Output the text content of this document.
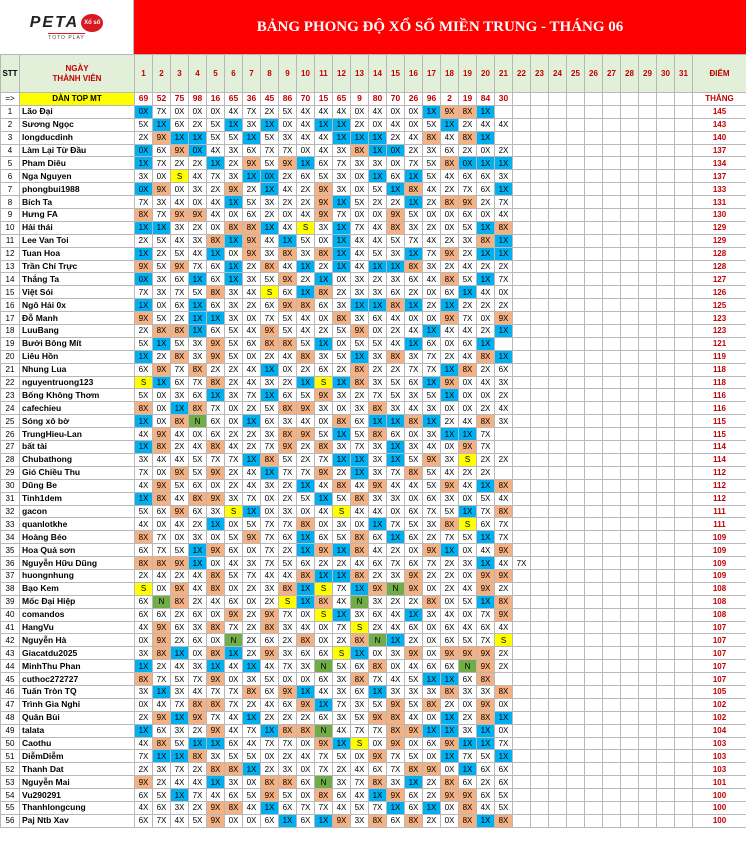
PETA Xổ số
TOTO PLAY
BẢNG PHONG ĐỘ XỔ SỐ MIỀN TRUNG - THÁNG 06
STT	NGÀY
THÀNH VIÊN	1	2	3	4	5	6	7	8	9	10	11	12	13	14	15	16	17	18	19	20	21	22	23	24	25	26	27	28	29	30	31	ĐIỂM
=>	DÀN TOP MT	69	52	75	98	16	65	36	45	86	70	15	65	9	80	70	26	96	2	19	84	30											THẮNG
1	Lão Đại	0X	7X	0X	0X	0X	4X	7X	2X	5X	4X	4X	4X	0X	4X	0X	0X	1X	9X	8X	1X												145
2	Sương Ngọc	5X	1X	6X	2X	5X	1X	3X	1X	0X	4X	1X	1X	2X	0X	4X	0X	5X	1X	2X	4X	4X											143
3	longducdinh	2X	9X	1X	1X	5X	5X	1X	5X	3X	4X	4X	1X	1X	1X	2X	4X	8X	4X	8X	1X												140
4	Làm Lại Từ Đầu	0X	6X	9X	0X	4X	3X	6X	7X	7X	0X	4X	3X	8X	1X	0X	2X	3X	6X	2X	0X	2X											137
5	Pham Diêu	1X	7X	2X	2X	1X	2X	9X	5X	9X	1X	6X	7X	3X	3X	0X	7X	5X	8X	0X	1X	1X											134
6	Nga Nguyen	3X	0X	S	4X	7X	3X	1X	0X	2X	6X	5X	3X	0X	1X	6X	1X	5X	4X	6X	6X	3X											137
7	phongbui1988	0X	9X	0X	3X	2X	9X	2X	1X	4X	2X	9X	3X	0X	5X	1X	8X	4X	2X	7X	6X	1X											133
8	Bích Ta	7X	3X	4X	0X	4X	1X	5X	3X	2X	2X	9X	1X	5X	2X	2X	1X	2X	8X	9X	2X	7X											131
9	Hưng FA	8X	7X	9X	9X	4X	0X	6X	2X	0X	4X	9X	7X	0X	0X	9X	5X	0X	0X	6X	0X	4X											130
10	Hải thái	1X	1X	3X	2X	0X	8X	8X	1X	4X	S	3X	1X	7X	4X	8X	3X	2X	0X	5X	1X	8X											129
11	Lee Van Toi	2X	5X	4X	3X	8X	1X	9X	4X	1X	5X	0X	1X	4X	4X	5X	7X	4X	2X	3X	8X	1X											129
12	Tuan Hoa	1X	2X	5X	4X	1X	0X	9X	3X	8X	3X	8X	1X	4X	5X	3X	1X	7X	9X	2X	1X	1X											128
13	Trần Chí Trực	9X	5X	9X	7X	6X	1X	2X	8X	4X	1X	2X	1X	4X	1X	1X	8X	3X	2X	4X	2X	2X											128
14	Thắng Ta	0X	3X	6X	1X	6X	1X	3X	5X	9X	2X	1X	0X	3X	2X	3X	6X	4X	8X	5X	1X	7X											127
15	Việt Sói	7X	3X	7X	5X	8X	3X	4X	S	6X	1X	8X	2X	3X	3X	6X	2X	0X	6X	1X	4X	0X											126
16	Ngô Hải 0x	1X	0X	6X	1X	6X	3X	2X	6X	9X	8X	6X	3X	1X	1X	8X	1X	2X	1X	2X	2X	2X											125
17	Đỗ Manh	9X	5X	2X	1X	1X	3X	0X	7X	5X	4X	0X	8X	3X	6X	4X	0X	0X	9X	7X	0X	9X											123
18	LuuBang	2X	8X	8X	1X	6X	5X	4X	9X	5X	4X	2X	5X	9X	0X	2X	4X	1X	4X	4X	2X	1X											123
19	Bưởi Bông Mít	5X	1X	5X	3X	9X	5X	6X	8X	8X	5X	1X	0X	5X	5X	4X	1X	6X	0X	6X	1X												121
20	Liêu Hồn	1X	2X	8X	3X	9X	5X	0X	2X	4X	8X	3X	5X	1X	3X	8X	3X	7X	2X	4X	8X	1X											119
21	Nhung Lua	6X	9X	7X	8X	2X	2X	4X	1X	0X	2X	6X	2X	8X	2X	2X	7X	7X	1X	8X	2X	6X											118
22	nguyentruong123	S	1X	6X	7X	8X	2X	4X	3X	2X	1X	S	1X	8X	3X	5X	6X	1X	9X	0X	4X	3X											118
23	Bống Không Thơm	5X	0X	3X	6X	1X	3X	7X	1X	6X	5X	9X	3X	2X	7X	5X	3X	5X	1X	0X	0X	2X											116
24	cafechieu	8X	0X	1X	8X	7X	0X	2X	5X	8X	9X	3X	0X	3X	8X	3X	4X	3X	0X	0X	2X	4X											116
25	Sóng xô bờ	1X	0X	8X	N	6X	0X	1X	6X	3X	4X	0X	8X	6X	1X	1X	8X	1X	2X	4X	8X	3X											115
26	TrungHieu-Lan	4X	9X	4X	0X	6X	2X	2X	3X	8X	9X	5X	1X	5X	8X	6X	0X	3X	1X	1X	7X												115
27	bất tài	1X	8X	2X	4X	8X	4X	2X	7X	9X	2X	8X	3X	7X	3X	1X	3X	4X	0X	9X	7X												114
28	Chubathong	3X	4X	4X	5X	7X	7X	1X	8X	5X	2X	7X	1X	1X	3X	1X	5X	9X	3X	S	2X	2X											114
29	Gió Chiều Thu	7X	0X	9X	5X	9X	2X	4X	1X	7X	7X	9X	2X	1X	3X	7X	8X	5X	4X	2X	2X												112
30	Dũng Be	4X	9X	5X	6X	0X	2X	4X	3X	2X	1X	4X	8X	4X	9X	4X	4X	5X	9X	4X	1X	8X											112
31	Tinh1dem	1X	8X	4X	8X	9X	3X	7X	0X	2X	5X	1X	5X	8X	3X	3X	0X	6X	3X	0X	5X	4X											112
32	gacon	5X	6X	9X	6X	3X	S	1X	0X	3X	0X	4X	S	4X	4X	0X	6X	7X	5X	1X	7X	8X											111
33	quanlotkhe	4X	0X	4X	2X	1X	0X	5X	7X	7X	8X	0X	3X	0X	1X	7X	5X	3X	8X	S	6X	7X											111
34	Hoàng Béo	8X	7X	0X	3X	0X	5X	9X	7X	6X	1X	6X	5X	8X	6X	1X	6X	2X	7X	5X	1X	7X											109
35	Hoa Quả sơn	6X	7X	5X	1X	9X	6X	0X	7X	2X	1X	9X	1X	8X	4X	2X	0X	9X	1X	0X	4X	9X											109
36	Nguyễn Hữu Dũng	8X	8X	9X	1X	0X	4X	3X	7X	5X	6X	2X	2X	4X	6X	7X	6X	7X	2X	3X	1X	4X	7X										109
37	huongnhung	2X	4X	2X	4X	8X	5X	7X	4X	4X	8X	1X	1X	8X	2X	3X	9X	2X	2X	0X	9X	9X											109
38	Bạo Kem	S	0X	9X	4X	8X	0X	2X	3X	8X	1X	S	7X	1X	9X	N	9X	0X	2X	4X	9X	2X											108
39	Mốc Đại Hiệp	6X	N	8X	2X	4X	6X	0X	2X	S	1X	8X	4X	N	3X	2X	2X	8X	0X	5X	1X	8X											108
40	comandos	6X	6X	2X	6X	0X	9X	2X	9X	7X	0X	S	1X	3X	6X	4X	1X	3X	4X	0X	7X	9X											108
41	HangVu	4X	9X	6X	3X	8X	7X	2X	8X	3X	4X	0X	7X	S	2X	4X	6X	0X	6X	4X	6X	4X											107
42	Nguyễn Hà	0X	9X	2X	6X	0X	N	2X	6X	2X	8X	0X	2X	8X	N	1X	2X	0X	6X	5X	7X	S											107
43	Giacatdu2025	3X	8X	1X	0X	8X	1X	2X	9X	3X	6X	6X	S	1X	0X	3X	9X	0X	9X	9X	9X	2X											107
44	MinhThu Phan	1X	2X	4X	3X	1X	4X	1X	4X	7X	3X	N	5X	6X	8X	0X	4X	6X	6X	N	9X	2X											107
45	cuthoc272727	8X	7X	5X	7X	9X	0X	3X	5X	0X	0X	6X	3X	8X	7X	4X	5X	1X	1X	6X	8X												107
46	Tuấn Tròn TQ	3X	1X	3X	4X	7X	7X	8X	6X	9X	1X	4X	3X	6X	1X	3X	3X	3X	8X	3X	3X	8X											105
47	Trình Gia Nghi	0X	4X	7X	8X	8X	7X	2X	4X	6X	9X	1X	7X	3X	5X	9X	5X	8X	2X	0X	9X	0X											102
48	Quân Bùi	2X	9X	1X	9X	7X	4X	1X	2X	2X	2X	6X	3X	5X	9X	8X	4X	0X	1X	2X	8X	1X											102
49	talata	1X	6X	3X	2X	9X	4X	7X	1X	8X	8X	N	4X	7X	7X	8X	9X	1X	1X	3X	1X	0X											104
50	Caothu	4X	8X	5X	1X	1X	6X	4X	7X	7X	0X	9X	1X	S	0X	9X	0X	6X	9X	1X	1X	7X											103
51	DiễmDiễm	7X	1X	1X	8X	3X	5X	5X	0X	2X	4X	7X	5X	0X	9X	7X	5X	0X	1X	7X	5X	1X											103
52	Thanh Dat	2X	3X	7X	2X	8X	8X	1X	2X	3X	0X	7X	2X	4X	6X	7X	8X	9X	0X	1X	6X	6X											103
53	Nguyễn Mai	9X	2X	4X	4X	1X	3X	0X	8X	8X	6X	N	3X	7X	8X	3X	1X	2X	8X	6X	2X	6X											101
54	Vu290291	6X	5X	1X	7X	4X	6X	5X	9X	5X	0X	8X	6X	4X	1X	9X	6X	2X	9X	9X	6X	5X											100
55	Thanhlongcung	4X	6X	3X	2X	9X	8X	4X	1X	6X	7X	7X	4X	5X	7X	1X	6X	1X	0X	8X	4X	5X											100
56	Paj Ntb Xav	6X	7X	4X	5X	9X	0X	0X	6X	1X	6X	1X	9X	3X	8X	6X	8X	2X	0X	8X	1X	8X											100
